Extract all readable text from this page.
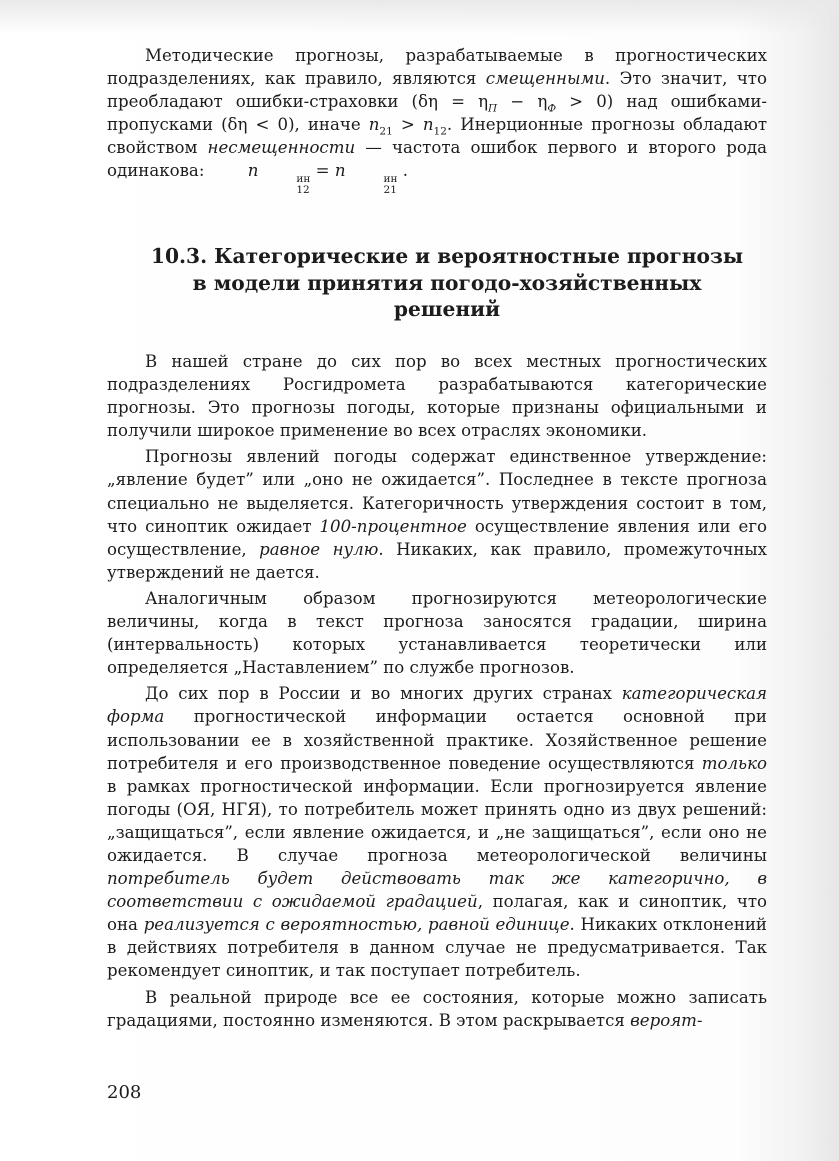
Методические прогнозы, разрабатываемые в прогностических подразделениях, как правило, являются смещенными. Это значит, что преобладают ошибки-страховки $(\delta\eta = \eta_П - \eta_Ф > 0)$ над ошибками-пропусками (δη < 0), иначе $n_{21} > n_{12}$. Инерционные прогнозы обладают свойством несмещенности — частота ошибок первого и второго рода одинакова: n	ин
12
= n	ин
21
.

10.3. Категорические и вероятностные прогнозы
в модели принятия погодо-хозяйственных
решений

В нашей стране до сих пор во всех местных прогностических подразделениях Росгидромета разрабатываются категорические прогнозы. Это прогнозы погоды, которые признаны официальными и получили широкое применение во всех отраслях экономики.

Прогнозы явлений погоды содержат единственное утверждение: „явление будет” или „оно не ожидается”. Последнее в тексте прогноза специально не выделяется. Категоричность утверждения состоит в том, что синоптик ожидает 100-процентное осуществление явления или его осуществление, равное нулю. Никаких, как правило, промежуточных утверждений не дается.

Аналогичным образом прогнозируются метеорологические величины, когда в текст прогноза заносятся градации, ширина (интервальность) которых устанавливается теоретически или определяется „Наставлением” по службе прогнозов.

До сих пор в России и во многих других странах категорическая форма прогностической информации остается основной при использовании ее в хозяйственной практике. Хозяйственное решение потребителя и его производственное поведение осуществляются только в рамках прогностической информации. Если прогнозируется явление погоды (ОЯ, НГЯ), то потребитель может принять одно из двух решений: „защищаться”, если явление ожидается, и „не защищаться”, если оно не ожидается. В случае прогноза метеорологической величины потребитель будет действовать так же категорично, в соответствии с ожидаемой градацией, полагая, как и синоптик, что она реализуется с вероятностью, равной единице. Никаких отклонений в действиях потребителя в данном случае не предусматривается. Так рекомендует синоптик, и так поступает потребитель.

В реальной природе все ее состояния, которые можно записать градациями, постоянно изменяются. В этом раскрывается вероят-

208
